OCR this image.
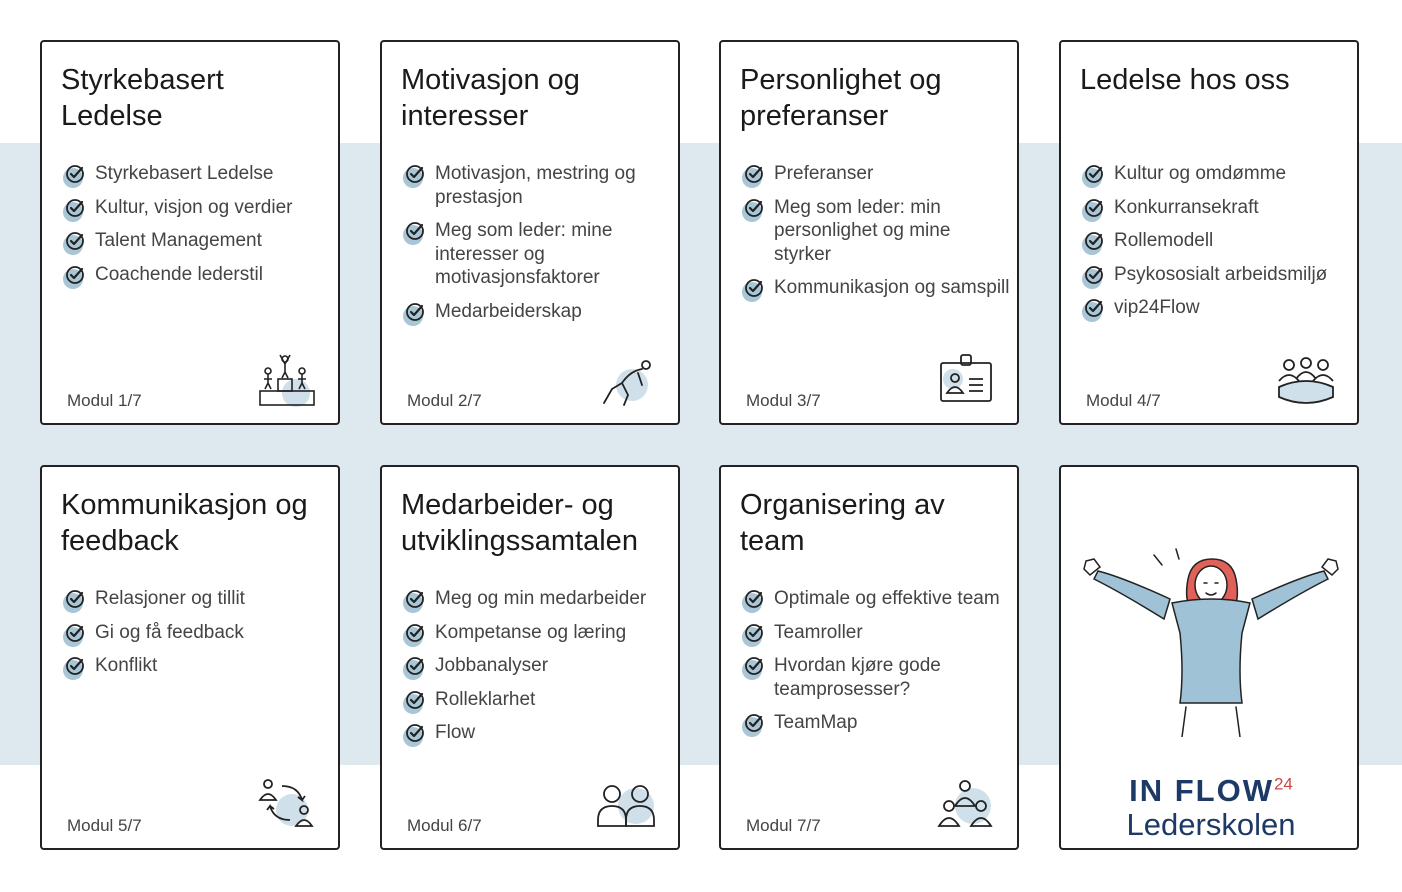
Styrkebasert Ledelse
Styrkebasert Ledelse
Kultur, visjon og verdier
Talent Management
Coachende lederstil
Modul 1/7
Motivasjon og interesser
Motivasjon, mestring og prestasjon
Meg som leder: mine interesser og motivasjonsfaktorer
Medarbeiderskap
Modul 2/7
Personlighet og preferanser
Preferanser
Meg som leder: min personlighet og mine styrker
Kommunikasjon og samspill
Modul 3/7
Ledelse hos oss
Kultur og omdømme
Konkurransekraft
Rollemodell
Psykososialt arbeidsmiljø
vip24Flow
Modul 4/7
Kommunikasjon og feedback
Relasjoner og tillit
Gi og få feedback
Konflikt
Modul 5/7
Medarbeider- og utviklingssamtalen
Meg og min medarbeider
Kompetanse og læring
Jobbanalyser
Rolleklarhet
Flow
Modul 6/7
Organisering av team
Optimale og effektive team
Teamroller
Hvordan kjøre gode teamprosesser?
TeamMap
Modul 7/7
IN FLOW$^{24}$
Lederskolen
